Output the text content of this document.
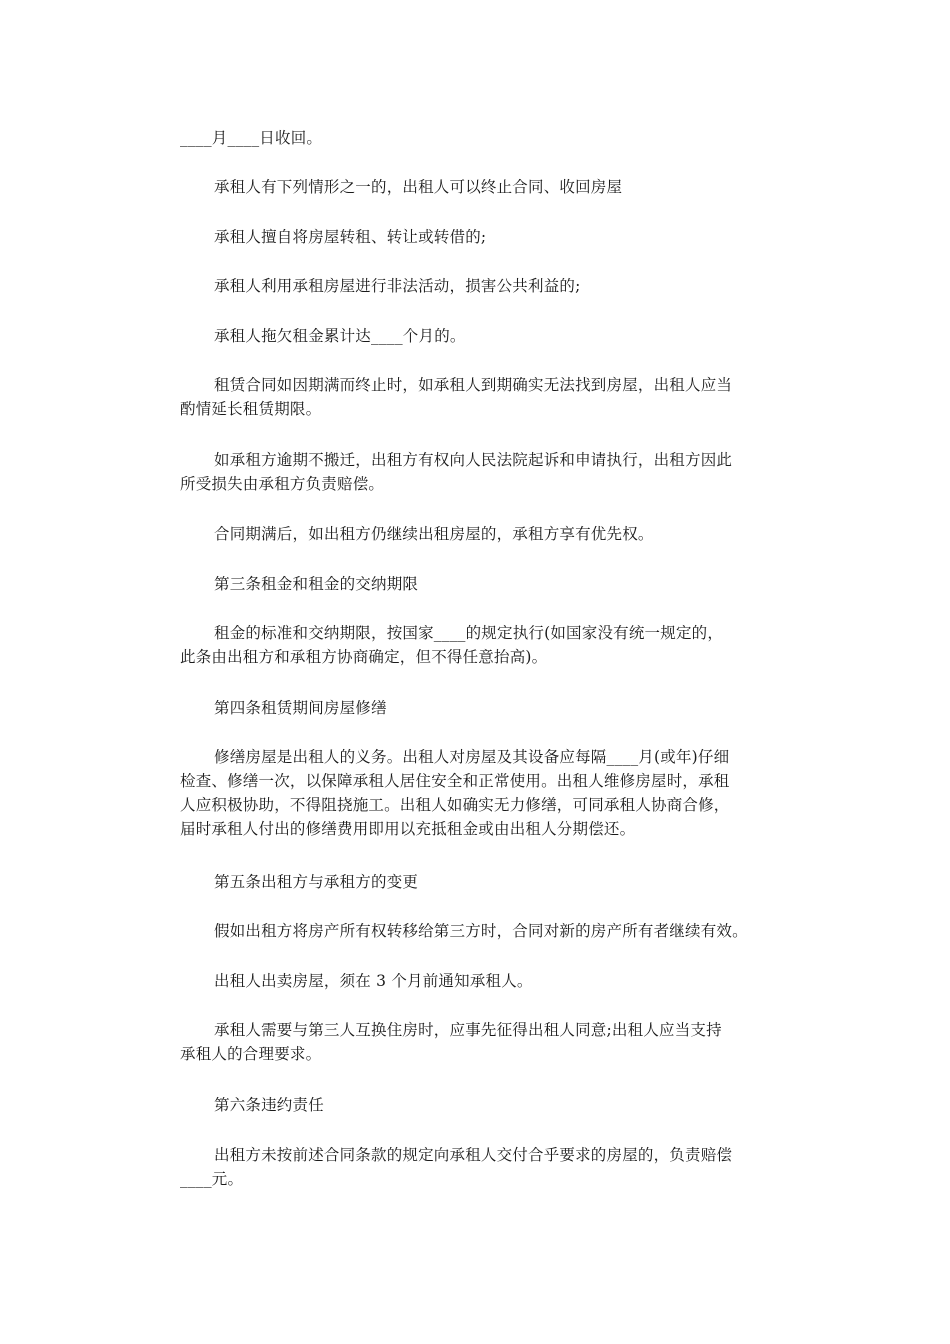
____月____日收回。
承租人有下列情形之一的，出租人可以终止合同、收回房屋
承租人擅自将房屋转租、转让或转借的;
承租人利用承租房屋进行非法活动，损害公共利益的;
承租人拖欠租金累计达____个月的。
租赁合同如因期满而终止时，如承租人到期确实无法找到房屋，出租人应当
酌情延长租赁期限。
如承租方逾期不搬迁，出租方有权向人民法院起诉和申请执行，出租方因此
所受损失由承租方负责赔偿。
合同期满后，如出租方仍继续出租房屋的，承租方享有优先权。
第三条租金和租金的交纳期限
租金的标准和交纳期限，按国家____的规定执行(如国家没有统一规定的，
此条由出租方和承租方协商确定，但不得任意抬高)。
第四条租赁期间房屋修缮
修缮房屋是出租人的义务。出租人对房屋及其设备应每隔____月(或年)仔细
检查、修缮一次，以保障承租人居住安全和正常使用。出租人维修房屋时，承租
人应积极协助，不得阻挠施工。出租人如确实无力修缮，可同承租人协商合修，
届时承租人付出的修缮费用即用以充抵租金或由出租人分期偿还。
第五条出租方与承租方的变更
假如出租方将房产所有权转移给第三方时，合同对新的房产所有者继续有效。
出租人出卖房屋，须在 3 个月前通知承租人。
承租人需要与第三人互换住房时，应事先征得出租人同意;出租人应当支持
承租人的合理要求。
第六条违约责任
出租方未按前述合同条款的规定向承租人交付合乎要求的房屋的，负责赔偿
____元。
